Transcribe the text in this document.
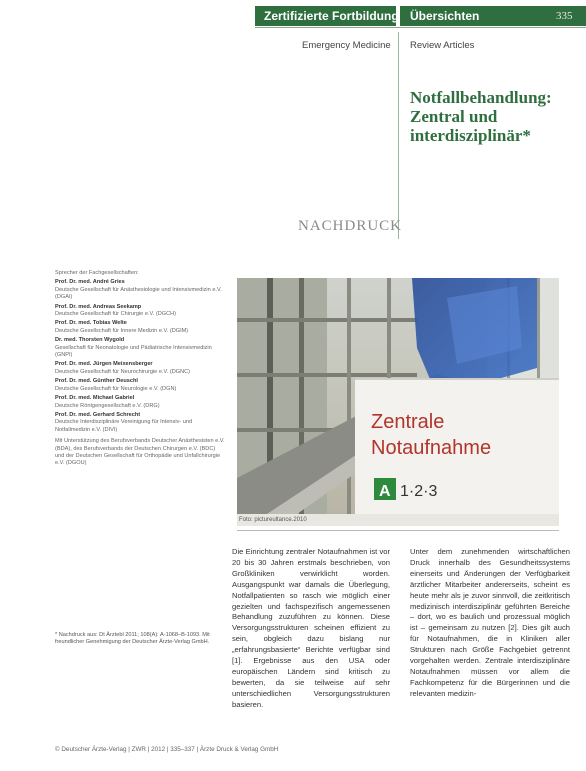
Zertifizierte Fortbildung Übersichten	335
Emergency Medicine Review Articles
Notfallbehandlung: Zentral und interdisziplinär*
NACHDRUCK
Sprecher der Fachgesellschaften:
Prof. Dr. med. André Gries
Deutsche Gesellschaft für Anästhesiologie und Intensivmedizin e.V. (DGAI)
Prof. Dr. med. Andreas Seekamp
Deutsche Gesellschaft für Chirurgie e.V. (DGCH)
Prof. Dr. med. Tobias Welte
Deutsche Gesellschaft für Innere Medizin e.V. (DGIM)
Dr. med. Thorsten Wygold
Gesellschaft für Neonatologie und Pädiatrische Intensivmedizin (GNPI)
Prof. Dr. med. Jürgen Meixensberger
Deutsche Gesellschaft für Neurochirurgie e.V. (DGNC)
Prof. Dr. med. Günther Deuschl
Deutsche Gesellschaft für Neurologie e.V. (DGN)
Prof. Dr. med. Michael Gabriel
Deutsche Röntgengesellschaft e.V. (DRG)
Prof. Dr. med. Gerhard Schrecht
Deutsche Interdisziplinäre Vereinigung für Intensiv- und Notfallmedizin e.V. (DIVI)
Mit Unterstützung des Berufsverbands Deutscher Anästhesisten e.V. (BDA), des Berufsverbands der Deutschen Chirurgen e.V. (BDC) und der Deutschen Gesellschaft für Orthopädie und Unfallchirurgie e.V. (DGOU)
Zentrale
Notaufnahme
A 1·2·3
Foto: pictureultance.2010
Die Einrichtung zentraler Notaufnahmen ist vor 20 bis 30 Jahren erstmals beschrieben, von Großkliniken verwirklicht worden. Ausgangspunkt war damals die Überlegung, Notfallpatienten so rasch wie möglich einer gezielten und fachspezifisch angemessenen Behandlung zuzuführen zu können. Diese Versorgungsstrukturen scheinen effizient zu sein, obgleich dazu bislang nur „erfahrungsbasierte“ Berichte verfügbar sind [1]. Ergebnisse aus den USA oder europäischen Ländern sind kritisch zu bewerten, da sie teilweise auf sehr unterschiedlichen Versorgungsstrukturen basieren.
Unter dem zunehmenden wirtschaftlichen Druck innerhalb des Gesundheitssystems einerseits und Änderungen der Verfügbarkeit ärztlicher Mitarbeiter andererseits, scheint es heute mehr als je zuvor sinnvoll, die zeitkritisch medizinisch interdisziplinär geführten Bereiche – dort, wo es baulich und prozessual möglich ist – gemeinsam zu nutzen [2]. Dies gilt auch für Notaufnahmen, die in Kliniken aller Strukturen nach Größe Fachgebiet getrennt vorgehalten werden. Zentrale interdisziplinäre Notaufnahmen müssen vor allem die Fachkompetenz für die Bürgerinnen und die relevanten medizin-
* Nachdruck aus: Dt Ärztebl 2011; 108(A): A-1068–B-1093. Mit freundlicher Genehmigung der Deutscher Ärzte-Verlag GmbH.
© Deutscher Ärzte-Verlag | ZWR | 2012 | 335–337 | Ärzte Druck & Verlag GmbH
